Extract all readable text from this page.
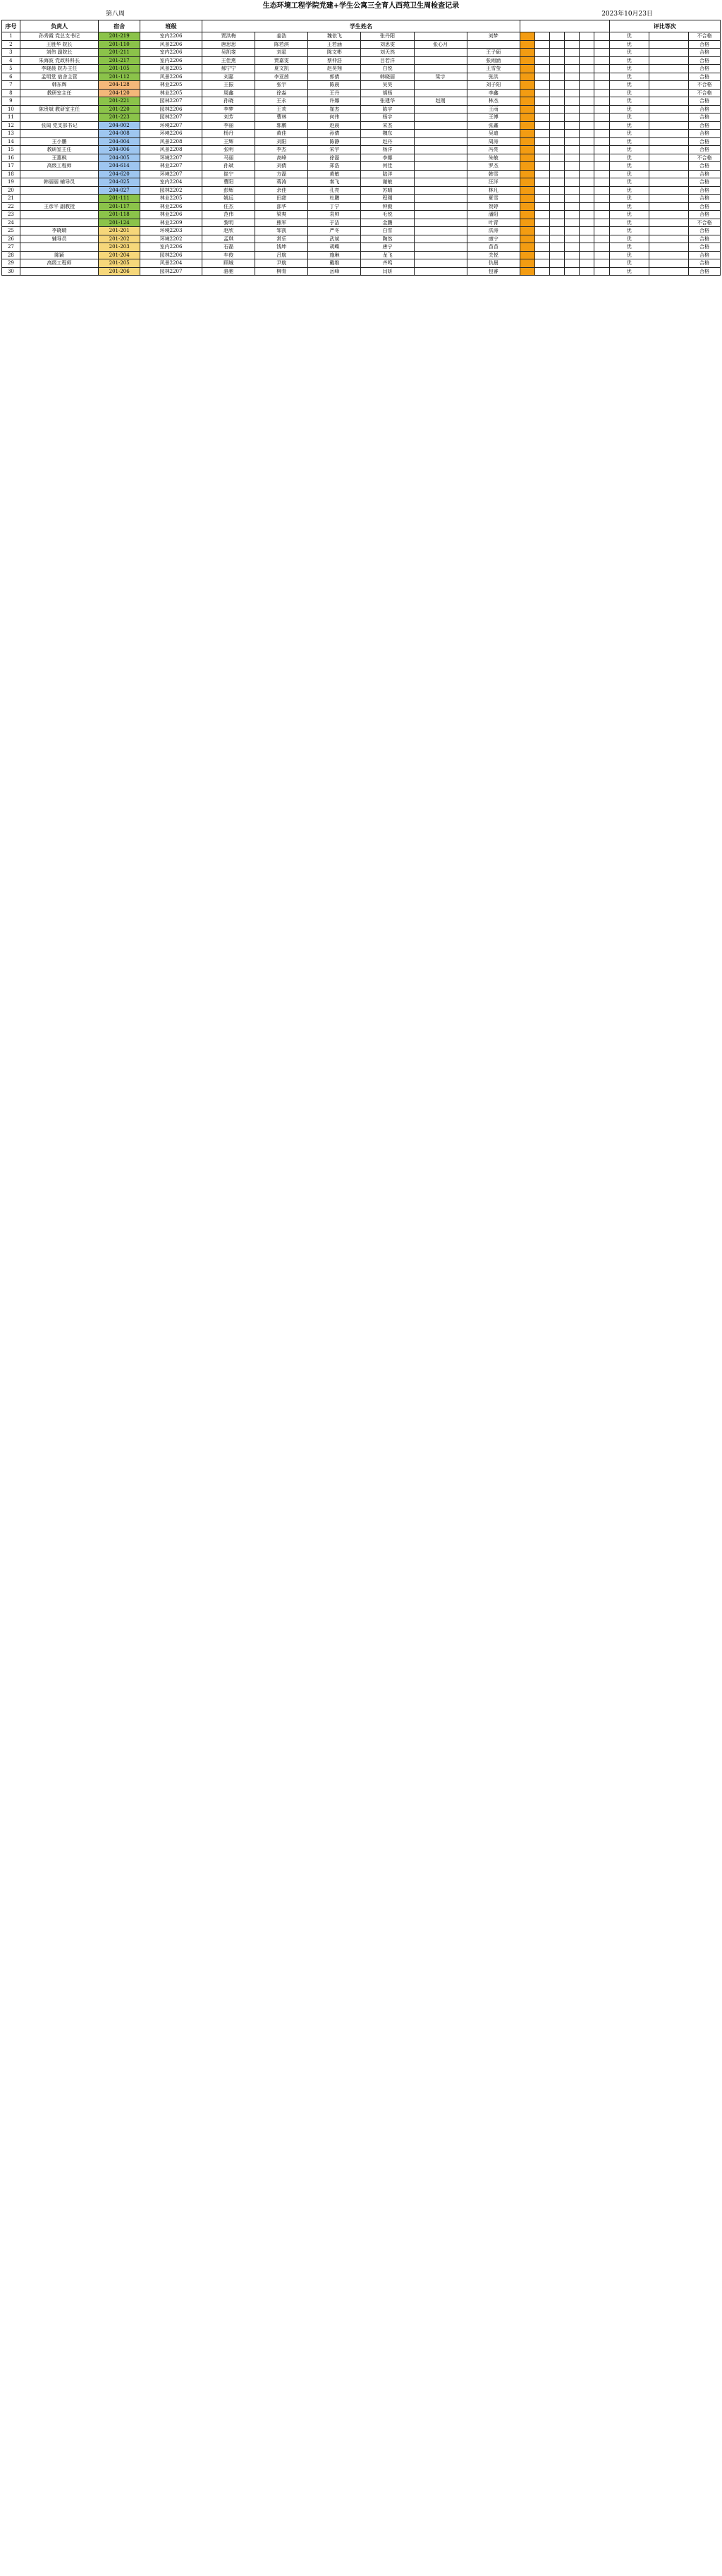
生态环境工程学院党建+学生公寓三全育人西苑卫生周检查记录
第八周	2023年10月23日
序号	负责人	宿舍	班级	学生姓名												评比等次		
1	孙秀霞 党总支书记	201-219	室内2206	贾洪梅	姜浩	魏依飞	张丹阳		刘梦							优		不合格
2	王胜华 院长	201-110	风景2206	唐思思	陈若淇	王若涵	刘思雯	张心月								优		合格
3	刘伟 副院长	201-211	室内2206	吴凯斐	刘星	陈文彬	刘天然		王子硕							优		合格
4	朱海波 党政科科长	201-217	室内2206	王佳燕	贾嘉雯	蔡仲浩	吕若洋		张雨涵							优		合格
5	李晓晨 院办主任	201-105	风景2205	郝宁宁	夏文凯	赵昊翔	白悦		王雪莹							优		合格
6	孟明堂 宿舍主管	201-112	风景2206	刘嘉	李亚茜	郭倩	韩晓丽	梁宇	张洪							优		合格
7	韩东辉	204-128	林业2205	王振	张宇	陈晨	吴昊		刘子阳							优		不合格
8	教研室主任	204-120	林业2205	周鑫	徐淼	王丹	胡杨		李鑫							优		不合格
9		201-221	园林2207	孙晓	王永	许娜	张建华	赵刚	林杰							优		合格
10	陈贵斌 教研室主任	201-220	园林2206	李梦	王欢	崔杰	陈宇		王雨							优		合格
11		201-223	园林2207	刘芳	曹林	何伟	杨宇		王博							优		合格
12	张闻 党支部书记	204-002	环境2207	李丽	郭鹏	赵晨	宋杰		张鑫							优		合格
13		204-008	环境2206	杨丹	黄佳	孙倩	魏东		吴迪							优		合格
14	王小鹏	204-004	风景2208	王辉	刘阳	陈静	赵丹		周涛							优		合格
15	教研室主任	204-006	风景2208	张明	李杰	宋宇	杨洋		冯亮							优		合格
16	王惠枫	204-005	环境2207	马丽	高峰	徐磊	李娜		朱敏							优		不合格
17	高级工程师	204-614	林业2207	孙斌	刘倩	郑浩	何佳		罗杰							优		合格
18		204-620	环境2207	崔宁	方磊	黄敏	陆洋		韩雪							优		合格
19	韩丽丽 辅导员	204-025	室内2204	曹阳	蒋涛	秦飞	谢敏		汪洋							优		合格
20		204-027	园林2202	彭辉	余佳	孔亮	苏晴		林凡							优		合格
21		201-111	林业2205	姚远	田甜	杜鹏	程刚		夏雪							优		合格
22	王彦平 副教授	201-117	林业2206	任杰	邵华	丁宁	钟毅		贺婷							优		合格
23		201-118	林业2206	范伟	梁爽	袁帅	毛悦		潘阳							优		合格
24		201-124	林业2209	黎明	熊军	于洁	金鹏		叶青							优		不合格
25	李晓晴	201-201	环境2203	赵欣	邹凯	严冬	白雪		洪涛							优		合格
26	辅导员	201-202	环境2202	孟琪	常乐	武斌	陶然		康宁							优		合格
27		201-203	室内2206	石磊	钱坤	胡蝶	唐宁		苗苗							优		合格
28	陈颖	201-204	园林2206	车俊	吕航	施琳	龙飞		关悦							优		合格
29	高级工程师	201-205	风景2204	顾城	尹航	戴维	齐鸣		仇晨							优		合格
30		201-206	园林2207	骆驰	柳青	岳峰	闫妍		包睿							优		合格
